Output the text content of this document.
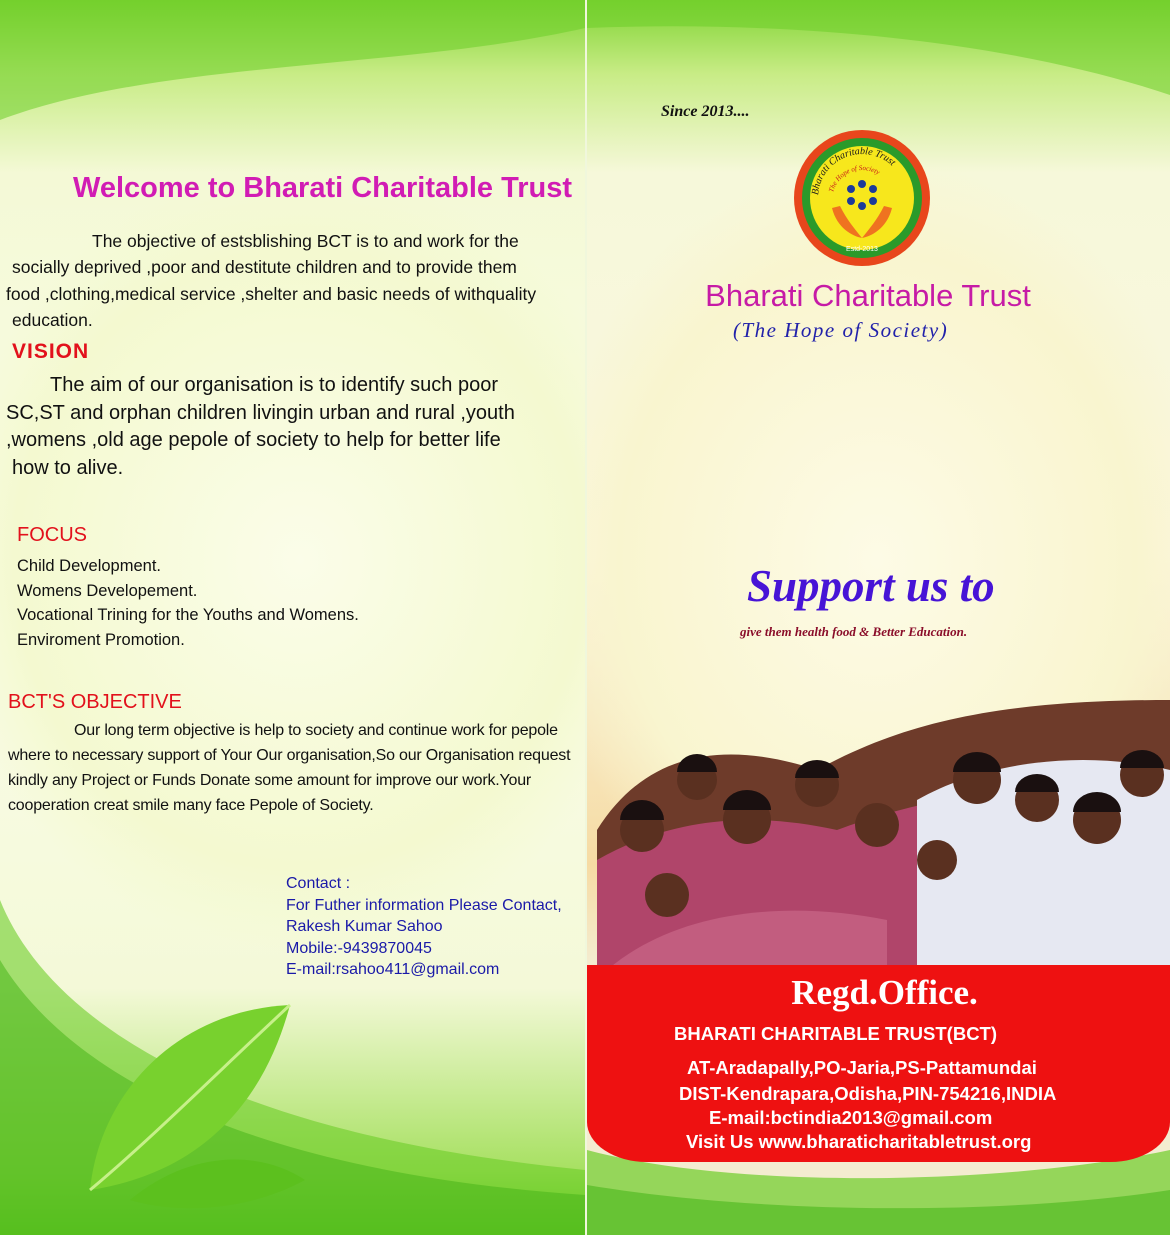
Welcome to Bharati Charitable Trust
The objective of estsblishing BCT is to and work for the
socially deprived ,poor and destitute children and to provide them
food ,clothing,medical service ,shelter and basic needs of withquality
education.
VISION
The aim of our organisation is to identify such poor
SC,ST and orphan children livingin urban and rural ,youth
,womens ,old age pepole of society to help for better life
how to alive.
FOCUS
Child Development.
Womens Developement.
Vocational Trining for the Youths and Womens.
Enviroment Promotion.
BCT'S OBJECTIVE
Our long term objective is help to society and continue work for pepole
where to necessary support of Your Our organisation,So our Organisation request
kindly any Project or Funds Donate some amount for improve our work.Your
cooperation creat smile many face Pepole of Society.
Contact :
For Futher information Please Contact,
Rakesh Kumar Sahoo
Mobile:-9439870045
E-mail:rsahoo411@gmail.com
Since 2013....
Bharati Charitable Trust
The Hope of Society
Estd-2013
Bharati Charitable Trust
(The Hope of Society)
Support us to
give them health food & Better Education.
Regd.Office.
BHARATI CHARITABLE TRUST(BCT)
AT-Aradapally,PO-Jaria,PS-Pattamundai
DIST-Kendrapara,Odisha,PIN-754216,INDIA
E-mail:bctindia2013@gmail.com
Visit Us www.bharaticharitabletrust.org
